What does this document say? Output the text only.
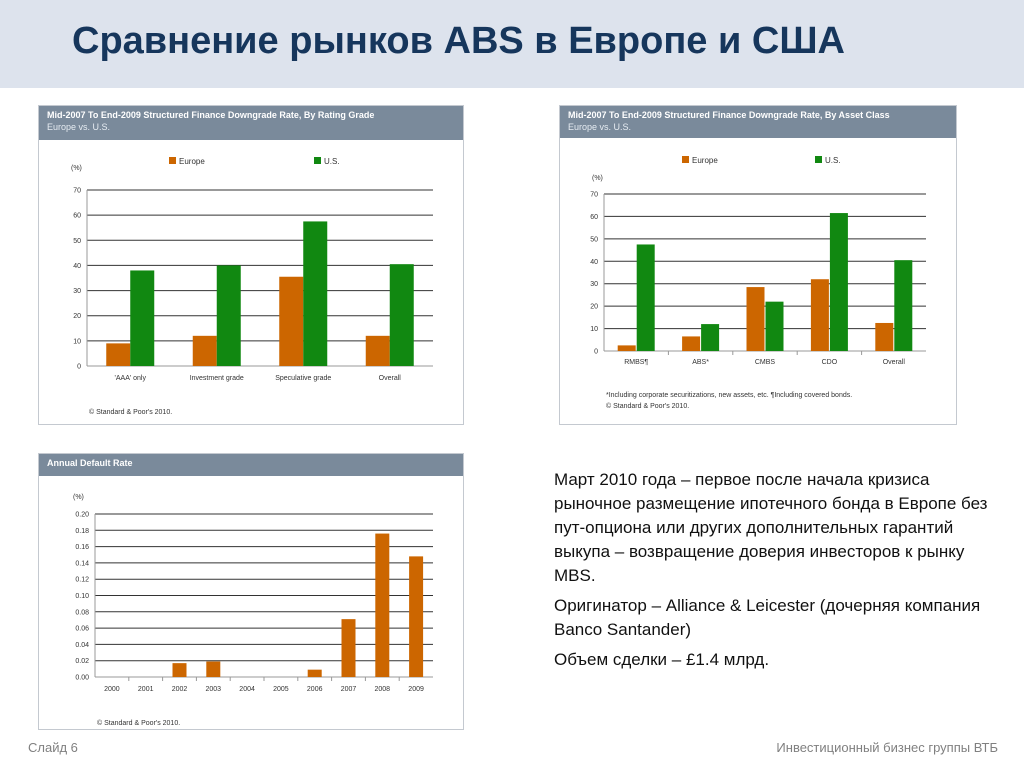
Сравнение рынков ABS в Европе и США
Mid-2007 To End-2009 Structured Finance Downgrade Rate, By Rating Grade
Europe vs. U.S.
Europe	U.S.
(%)
0
10
20
30
40
50
60
70
'AAA' only	Investment grade	Speculative grade	Overall
© Standard & Poor's 2010.
Mid-2007 To End-2009 Structured Finance Downgrade Rate, By Asset Class
Europe vs. U.S.
Europe	U.S.
(%)
0
10
20
30
40
50
60
70
RMBS¶	ABS*	CMBS	CDO	Overall
*Including corporate securitizations, new assets, etc. ¶Including covered bonds.
© Standard & Poor's 2010.
Annual Default Rate
(%)
0.00
0.02
0.04
0.06
0.08
0.10
0.12
0.14
0.16
0.18
0.20
2000	2001	2002	2003	2004	2005	2006	2007	2008	2009
© Standard & Poor's 2010.

Март 2010 года – первое после начала кризиса рыночное размещение ипотечного бонда в Европе без пут-опциона или других дополнительных гарантий выкупа – возвращение доверия инвесторов к рынку MBS.

Оригинатор – Alliance & Leicester (дочерняя компания Banco Santander)

Объем сделки – £1.4 млрд.

Слайд 6	Инвестиционный бизнес группы ВТБ
